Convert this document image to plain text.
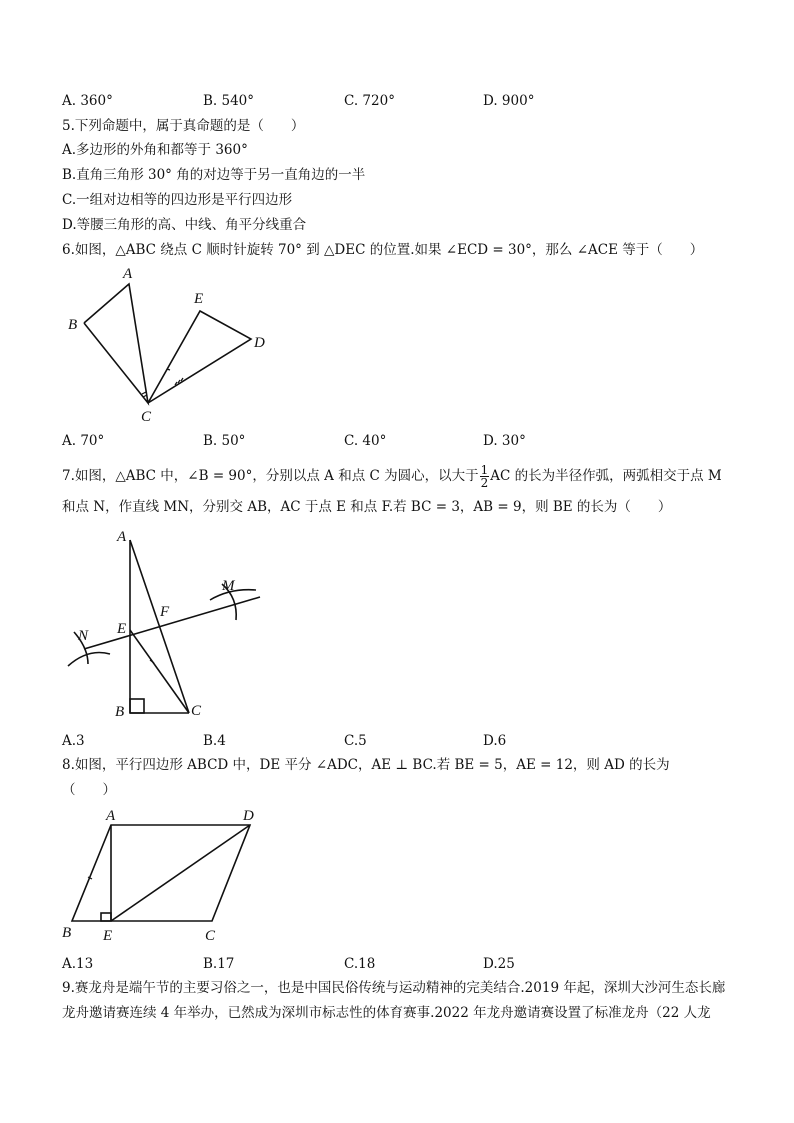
A. 360°	B. 540°	C. 720°	D. 900°
5.下列命题中，属于真命题的是（　　）
A.多边形的外角和都等于 360°
B.直角三角形 30° 角的对边等于另一直角边的一半
C.一组对边相等的四边形是平行四边形
D.等腰三角形的高、中线、角平分线重合
6.如图，△ABC 绕点 C 顺时针旋转 70° 到 △DEC 的位置.如果 ∠ECD = 30°，那么 ∠ACE 等于（　　）
A
B
C
E
D
A. 70°	B. 50°	C. 40°	D. 30°
7.如图，△ABC 中，∠B = 90°，分别以点 A 和点 C 为圆心，以大于 $\frac{1}{2}$ AC 的长为半径作弧，两弧相交于点 M
和点 N，作直线 MN，分别交 AB，AC 于点 E 和点 F.若 BC = 3，AB = 9，则 BE 的长为（　　）
A
B	C
E
F
M
N
A.3	B.4	C.5	D.6
8.如图，平行四边形 ABCD 中，DE 平分 ∠ADC，AE ⊥ BC.若 BE = 5，AE = 12，则 AD 的长为
（　　）
A	D
B E	C
A.13	B.17	C.18	D.25
9.赛龙舟是端午节的主要习俗之一，也是中国民俗传统与运动精神的完美结合.2019 年起，深圳大沙河生态长廊龙舟邀请赛连续 4 年举办，已然成为深圳市标志性的体育赛事.2022 年龙舟邀请赛设置了标准龙舟（22 人龙
